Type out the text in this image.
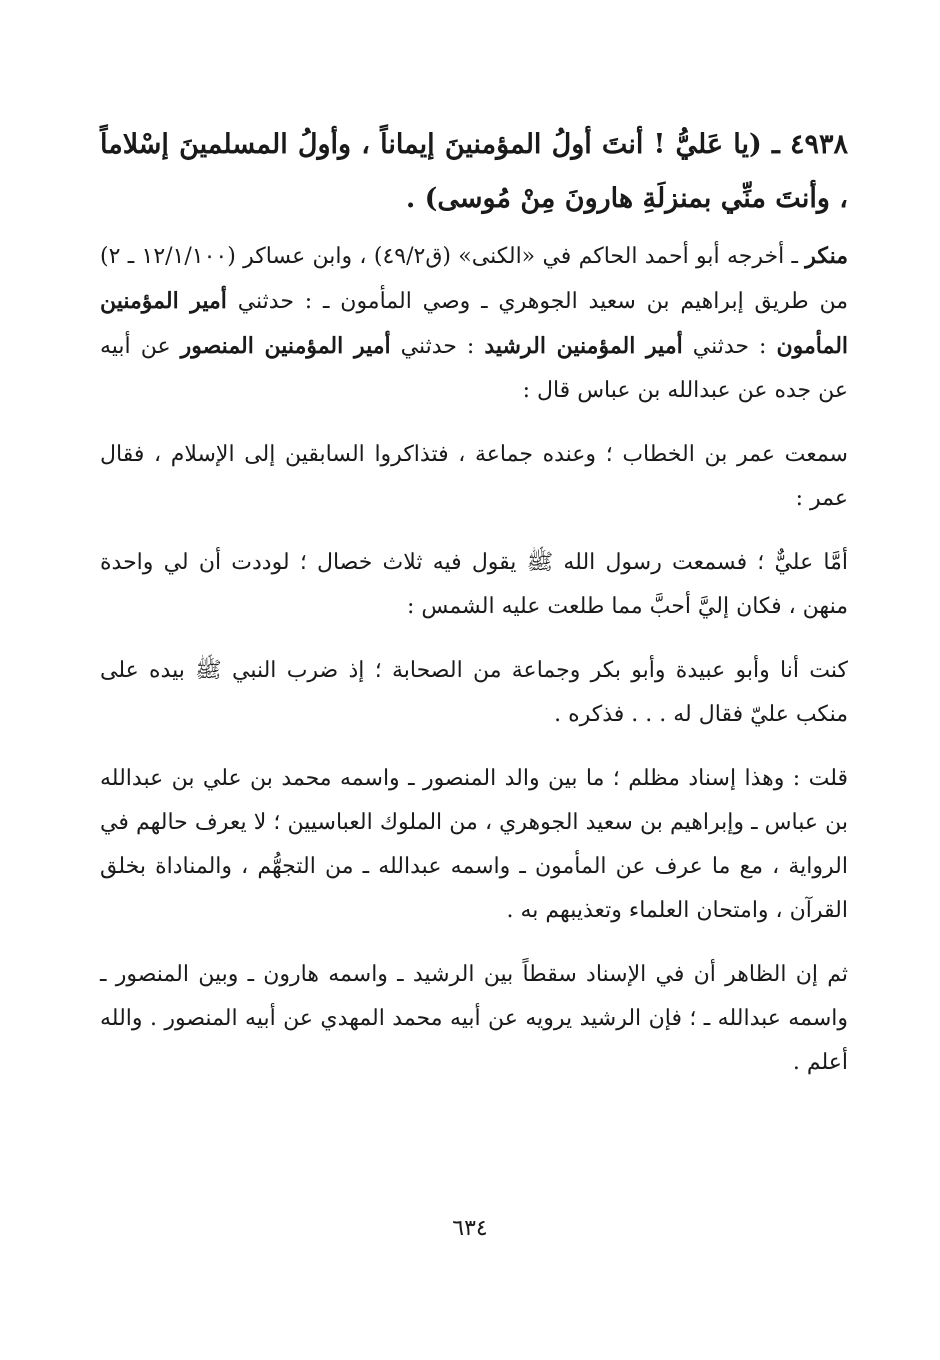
٤٩٣٨ ـ (يا عَليُّ ! أنتَ أولُ المؤمنينَ إيماناً ، وأولُ المسلمينَ إسْلاماً ، وأنتَ منِّي بمنزلَةِ هارونَ مِنْ مُوسى) .

منكر ـ أخرجه أبو أحمد الحاكم في «الكنى» (ق٤٩/٢) ، وابن عساكر (١٢/١/١٠٠ ـ ٢) من طريق إبراهيم بن سعيد الجوهري ـ وصي المأمون ـ : حدثني أمير المؤمنين المأمون : حدثني أمير المؤمنين الرشيد : حدثني أمير المؤمنين المنصور عن أبيه عن جده عن عبدالله بن عباس قال :

سمعت عمر بن الخطاب ؛ وعنده جماعة ، فتذاكروا السابقين إلى الإسلام ، فقال عمر :

أمَّا عليٌّ ؛ فسمعت رسول الله ﷺ يقول فيه ثلاث خصال ؛ لوددت أن لي واحدة منهن ، فكان إليَّ أحبَّ مما طلعت عليه الشمس :

كنت أنا وأبو عبيدة وأبو بكر وجماعة من الصحابة ؛ إذ ضرب النبي ﷺ بيده على منكب عليّ فقال له . . . فذكره .

قلت : وهذا إسناد مظلم ؛ ما بين والد المنصور ـ واسمه محمد بن علي بن عبدالله بن عباس ـ وإبراهيم بن سعيد الجوهري ، من الملوك العباسيين ؛ لا يعرف حالهم في الرواية ، مع ما عرف عن المأمون ـ واسمه عبدالله ـ من التجهُّم ، والمناداة بخلق القرآن ، وامتحان العلماء وتعذيبهم به .

ثم إن الظاهر أن في الإسناد سقطاً بين الرشيد ـ واسمه هارون ـ وبين المنصور ـ واسمه عبدالله ـ ؛ فإن الرشيد يرويه عن أبيه محمد المهدي عن أبيه المنصور . والله أعلم .

٦٣٤
